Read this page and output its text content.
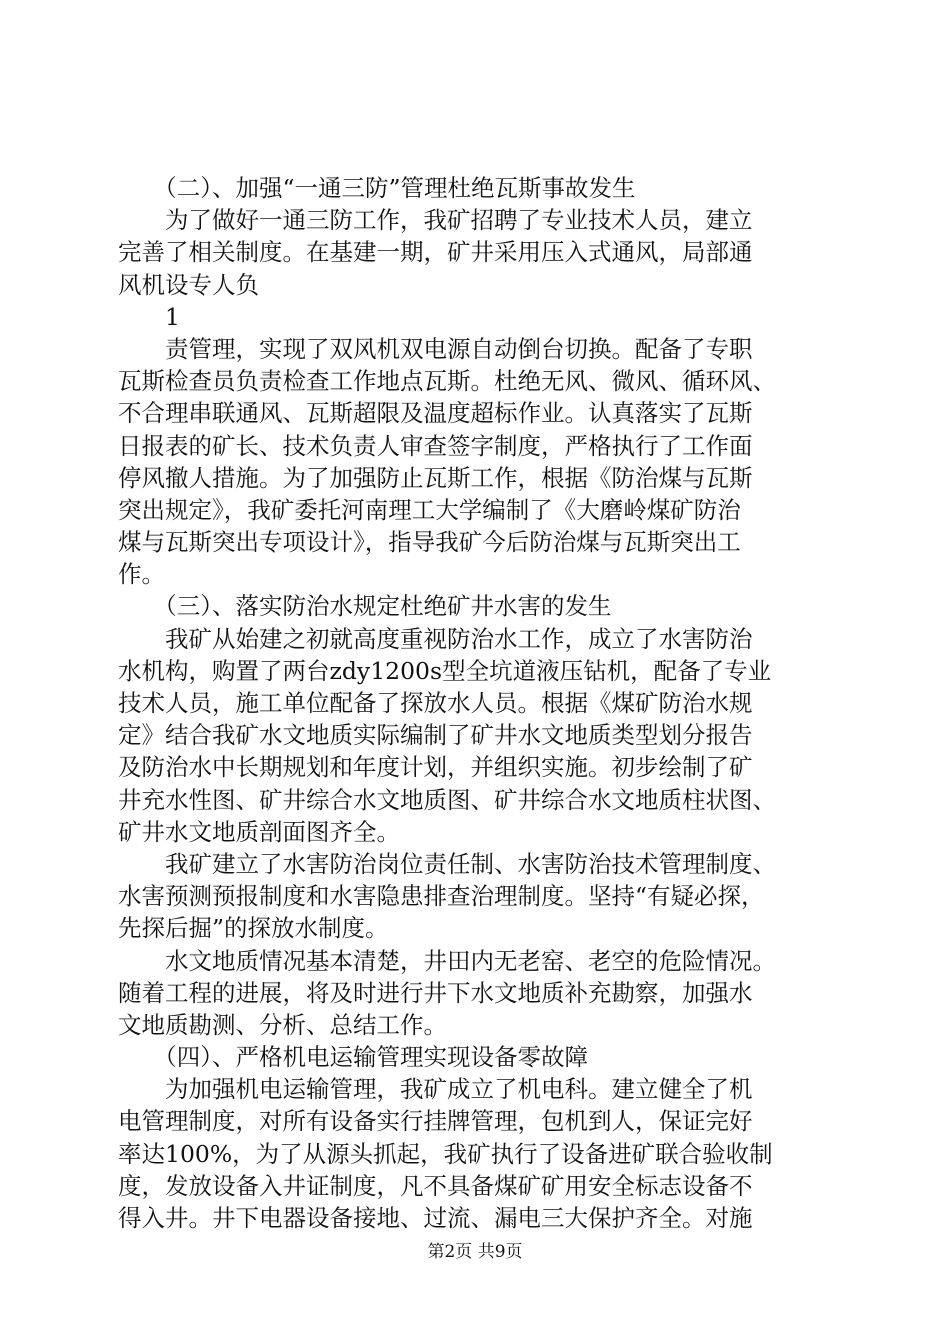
　　（二）、加强“一通三防”管理杜绝瓦斯事故发生
　　为了做好一通三防工作，我矿招聘了专业技术人员，建立
完善了相关制度。在基建一期，矿井采用压入式通风，局部通
风机设专人负
　　1
　　责管理，实现了双风机双电源自动倒台切换。配备了专职
瓦斯检查员负责检查工作地点瓦斯。杜绝无风、微风、循环风、
不合理串联通风、瓦斯超限及温度超标作业。认真落实了瓦斯
日报表的矿长、技术负责人审查签字制度，严格执行了工作面
停风撤人措施。为了加强防止瓦斯工作，根据《防治煤与瓦斯
突出规定》，我矿委托河南理工大学编制了《大磨岭煤矿防治
煤与瓦斯突出专项设计》，指导我矿今后防治煤与瓦斯突出工
作。
　　（三）、落实防治水规定杜绝矿井水害的发生
　　我矿从始建之初就高度重视防治水工作，成立了水害防治
水机构，购置了两台zdy1200s型全坑道液压钻机，配备了专业
技术人员，施工单位配备了探放水人员。根据《煤矿防治水规
定》结合我矿水文地质实际编制了矿井水文地质类型划分报告
及防治水中长期规划和年度计划，并组织实施。初步绘制了矿
井充水性图、矿井综合水文地质图、矿井综合水文地质柱状图、
矿井水文地质剖面图齐全。
　　我矿建立了水害防治岗位责任制、水害防治技术管理制度、
水害预测预报制度和水害隐患排查治理制度。坚持“有疑必探，
先探后掘”的探放水制度。
　　水文地质情况基本清楚，井田内无老窑、老空的危险情况。
随着工程的进展，将及时进行井下水文地质补充勘察，加强水
文地质勘测、分析、总结工作。
　　（四）、严格机电运输管理实现设备零故障
　　为加强机电运输管理，我矿成立了机电科。建立健全了机
电管理制度，对所有设备实行挂牌管理，包机到人，保证完好
率达100%，为了从源头抓起，我矿执行了设备进矿联合验收制
度，发放设备入井证制度，凡不具备煤矿矿用安全标志设备不
得入井。井下电器设备接地、过流、漏电三大保护齐全。对施
第2页 共9页
